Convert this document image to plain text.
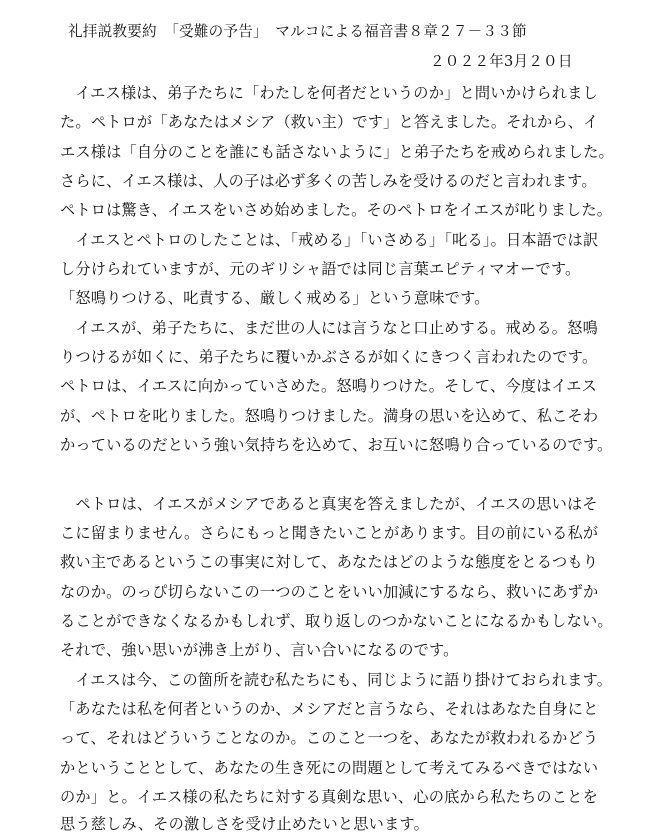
礼拝説教要約　「受難の予告」　マルコによる福音書８章２７－３３節
２０２２年3月２０日
　イエス様は、弟子たちに「わたしを何者だというのか」と問いかけられまし
た。ペトロが「あなたはメシア（救い主）です」と答えました。それから、イ
エス様は「自分のことを誰にも話さないように」と弟子たちを戒められました。
さらに、イエス様は、人の子は必ず多くの苦しみを受けるのだと言われます。
ペトロは驚き、イエスをいさめ始めました。そのペトロをイエスが叱りました。
　イエスとペトロのしたことは、「戒める」「いさめる」「叱る」。日本語では訳
し分けられていますが、元のギリシャ語では同じ言葉エピティマオーです。
「怒鳴りつける、叱責する、厳しく戒める」という意味です。
　イエスが、弟子たちに、まだ世の人には言うなと口止めする。戒める。怒鳴
りつけるが如くに、弟子たちに覆いかぶさるが如くにきつく言われたのです。
ペトロは、イエスに向かっていさめた。怒鳴りつけた。そして、今度はイエス
が、ペトロを叱りました。怒鳴りつけました。満身の思いを込めて、私こそわ
かっているのだという強い気持ちを込めて、お互いに怒鳴り合っているのです。
　ペトロは、イエスがメシアであると真実を答えましたが、イエスの思いはそ
こに留まりません。さらにもっと聞きたいことがあります。目の前にいる私が
救い主であるというこの事実に対して、あなたはどのような態度をとるつもり
なのか。のっぴ切らないこの一つのことをいい加減にするなら、救いにあずか
ることができなくなるかもしれず、取り返しのつかないことになるかもしない。
それで、強い思いが沸き上がり、言い合いになるのです。
　イエスは今、この箇所を読む私たちにも、同じように語り掛けておられます。
「あなたは私を何者というのか、メシアだと言うなら、それはあなた自身にと
って、それはどういうことなのか。このこと一つを、あなたが救われるかどう
かということとして、あなたの生き死にの問題として考えてみるべきではない
のか」と。イエス様の私たちに対する真剣な思い、心の底から私たちのことを
思う慈しみ、その激しさを受け止めたいと思います。
